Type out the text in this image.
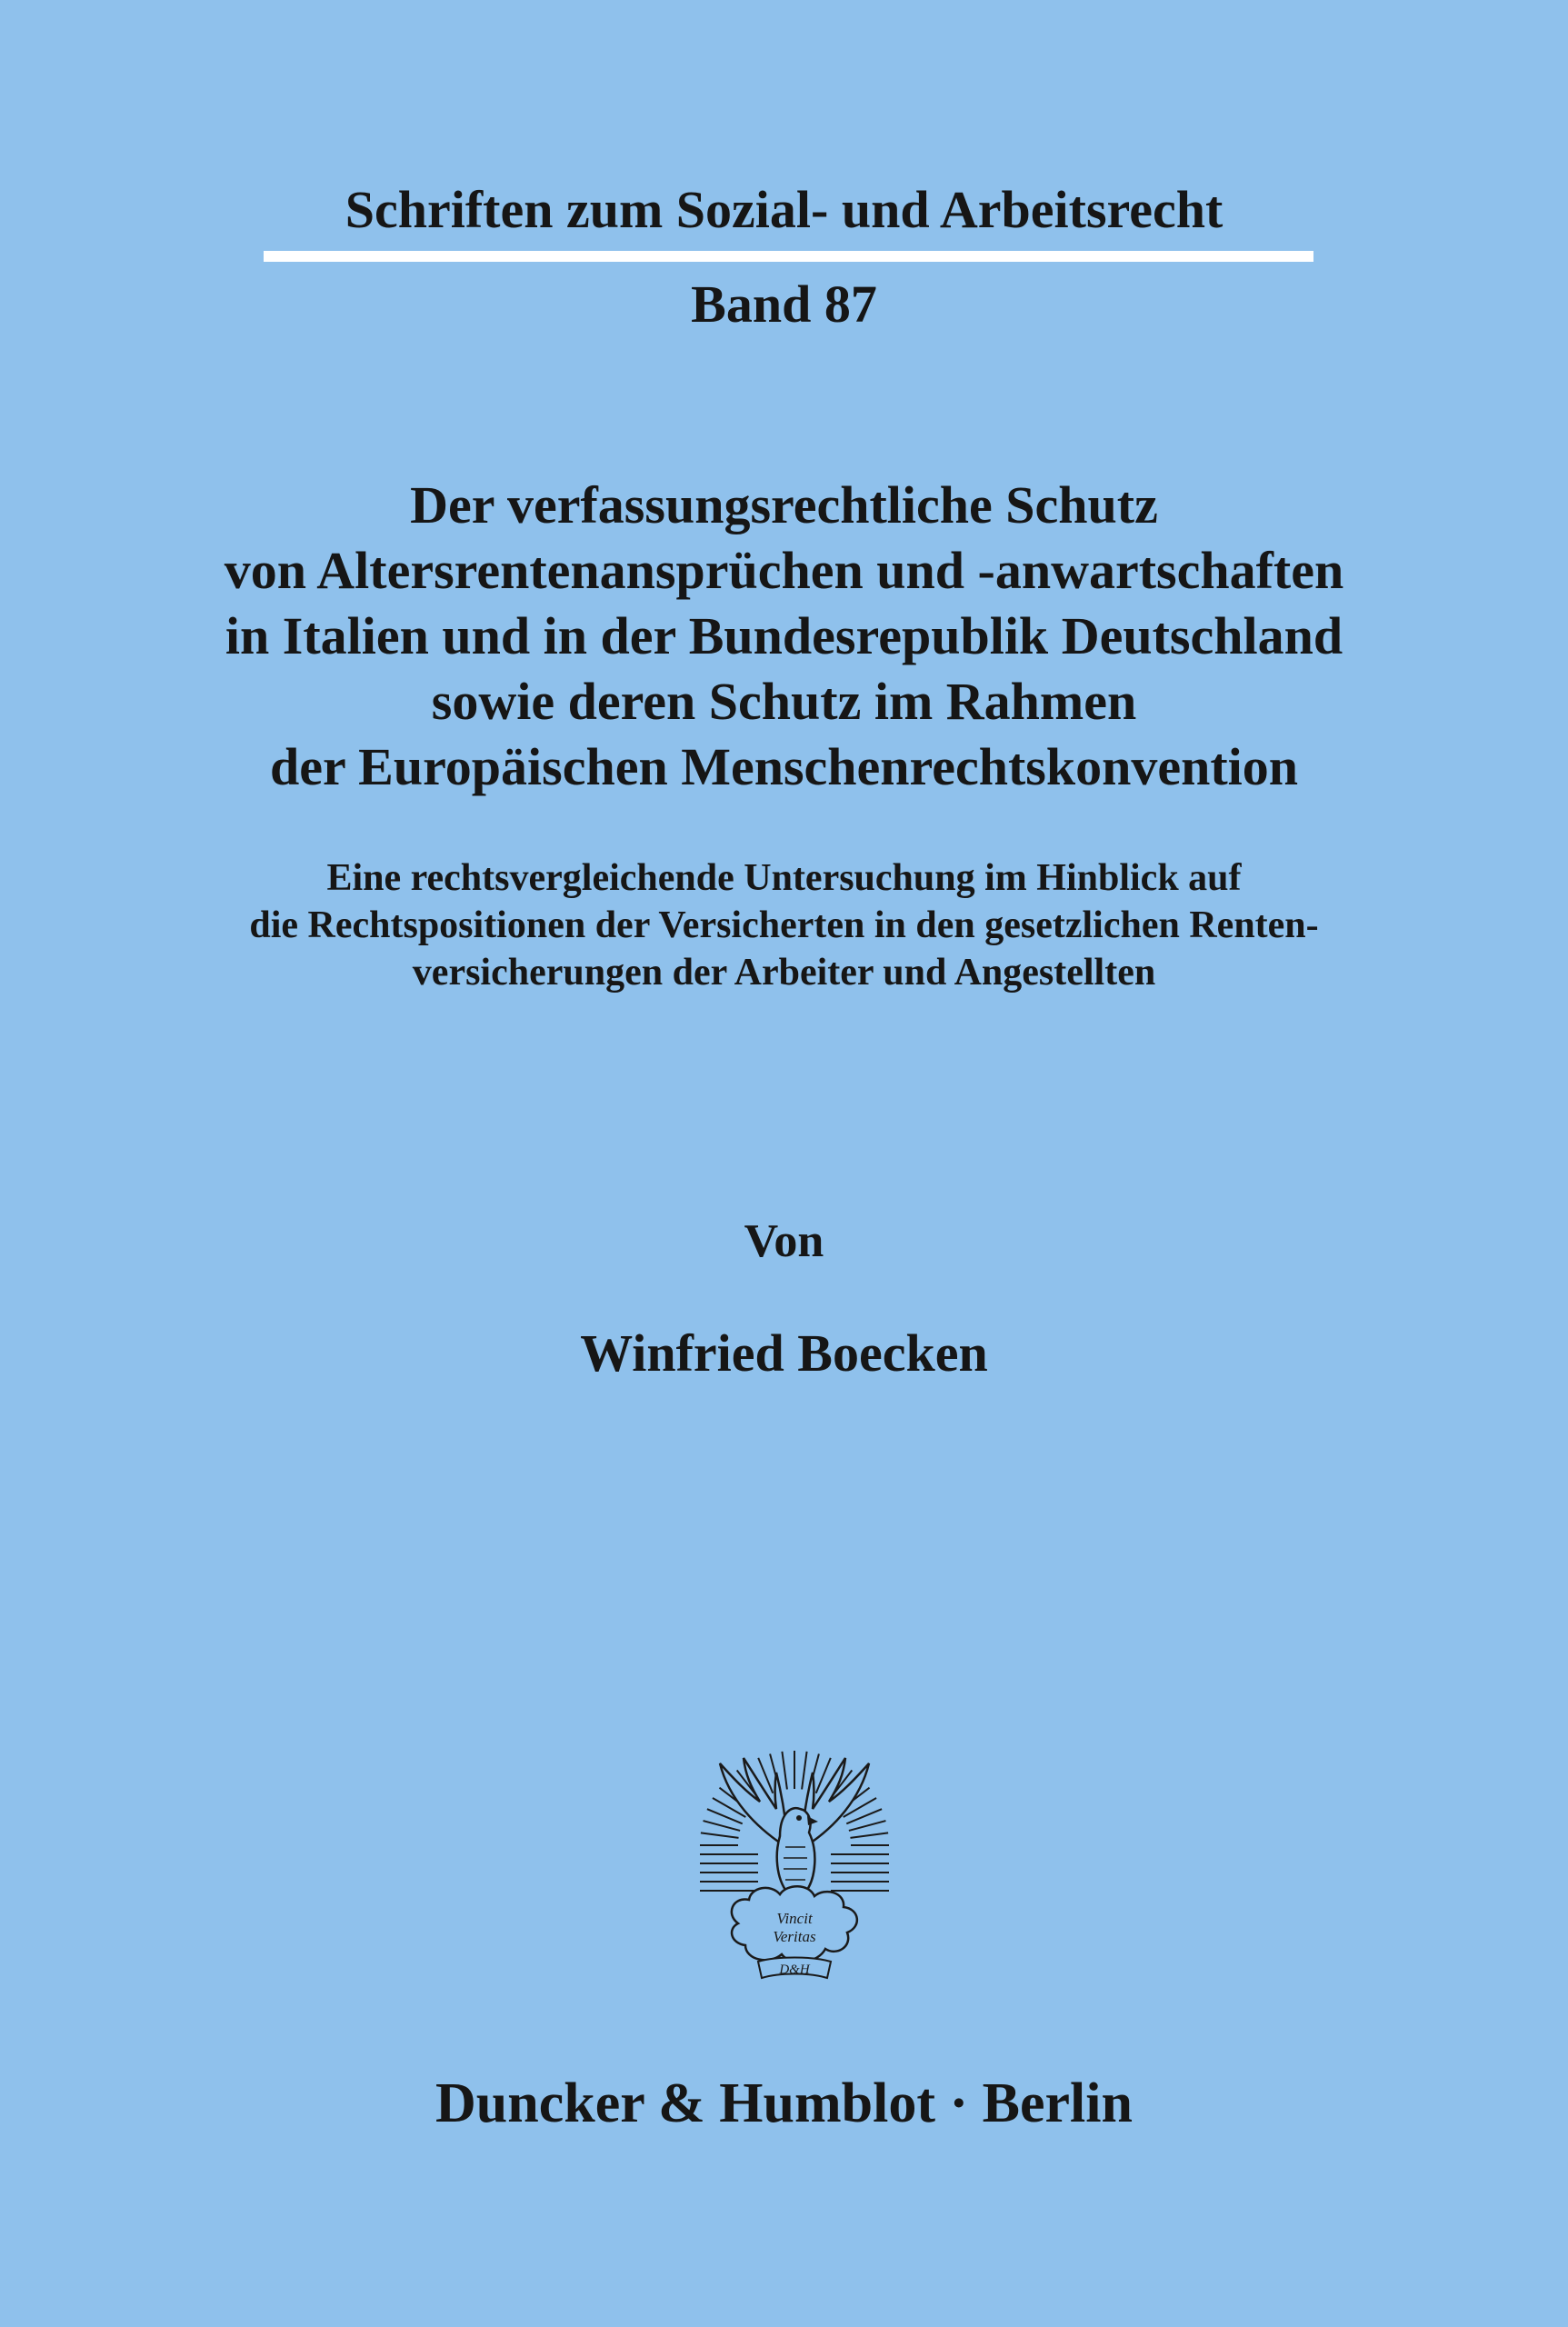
Schriften zum Sozial- und Arbeitsrecht
Band 87
Der verfassungsrechtliche Schutz
von Altersrentenansprüchen und -anwartschaften
in Italien und in der Bundesrepublik Deutschland
sowie deren Schutz im Rahmen
der Europäischen Menschenrechtskonvention
Eine rechtsvergleichende Untersuchung im Hinblick auf
die Rechtspositionen der Versicherten in den gesetzlichen Renten-
versicherungen der Arbeiter und Angestellten
Von
Winfried Boecken
Vincit
Veritas
D&H
Duncker & Humblot · Berlin
